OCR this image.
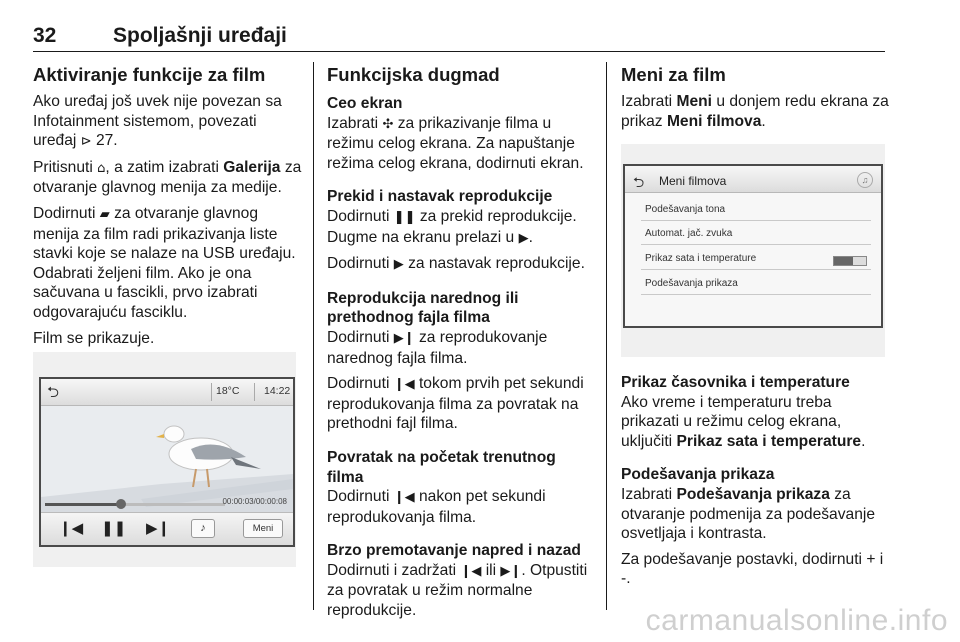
32	Spoljašnji uređaji
Aktiviranje funkcije za film

Ako uređaj još uvek nije povezan sa Infotainment sistemom, povezati uređaj ⊳ 27.

Pritisnuti ⌂, a zatim izabrati Galerija za otvaranje glavnog menija za medije.

Dodirnuti ▰ za otvaranje glavnog menija za film radi prikazivanja liste stavki koje se nalaze na USB uređaju. Odabrati željeni film. Ako je ona sačuvana u fascikli, prvo izabrati odgovarajuću fasciklu.

Film se prikazuje.

⮌	18°C 14:22
00:00:03/00:00:08
❙◀ ❚❚ ▶❙	♪	Meni
Funkcijska dugmad
Ceo ekran

Izabrati ✣ za prikazivanje filma u režimu celog ekrana. Za napuštanje režima celog ekrana, dodirnuti ekran.

Prekid i nastavak reprodukcije

Dodirnuti ❚❚ za prekid reprodukcije. Dugme na ekranu prelazi u ▶.

Dodirnuti ▶ za nastavak reprodukcije.

Reprodukcija narednog ili prethodnog fajla filma

Dodirnuti ▶❙ za reprodukovanje narednog fajla filma.

Dodirnuti ❙◀ tokom prvih pet sekundi reprodukovanja filma za povratak na prethodni fajl filma.

Povratak na početak trenutnog filma

Dodirnuti ❙◀ nakon pet sekundi reprodukovanja filma.

Brzo premotavanje napred i nazad

Dodirnuti i zadržati ❙◀ ili ▶❙. Otpustiti za povratak u režim normalne reprodukcije.

Meni za film

Izabrati Meni u donjem redu ekrana za prikaz Meni filmova.

⮌ Meni filmova	♫
Podešavanja tona
Automat. jač. zvuka
Prikaz sata i temperature
Podešavanja prikaza
Prikaz časovnika i temperature

Ako vreme i temperaturu treba prikazati u režimu celog ekrana, uključiti Prikaz sata i temperature.

Podešavanja prikaza

Izabrati Podešavanja prikaza za otvaranje podmenija za podešavanje osvetljaja i kontrasta.

Za podešavanje postavki, dodirnuti + i -.

carmanualsonline.info
